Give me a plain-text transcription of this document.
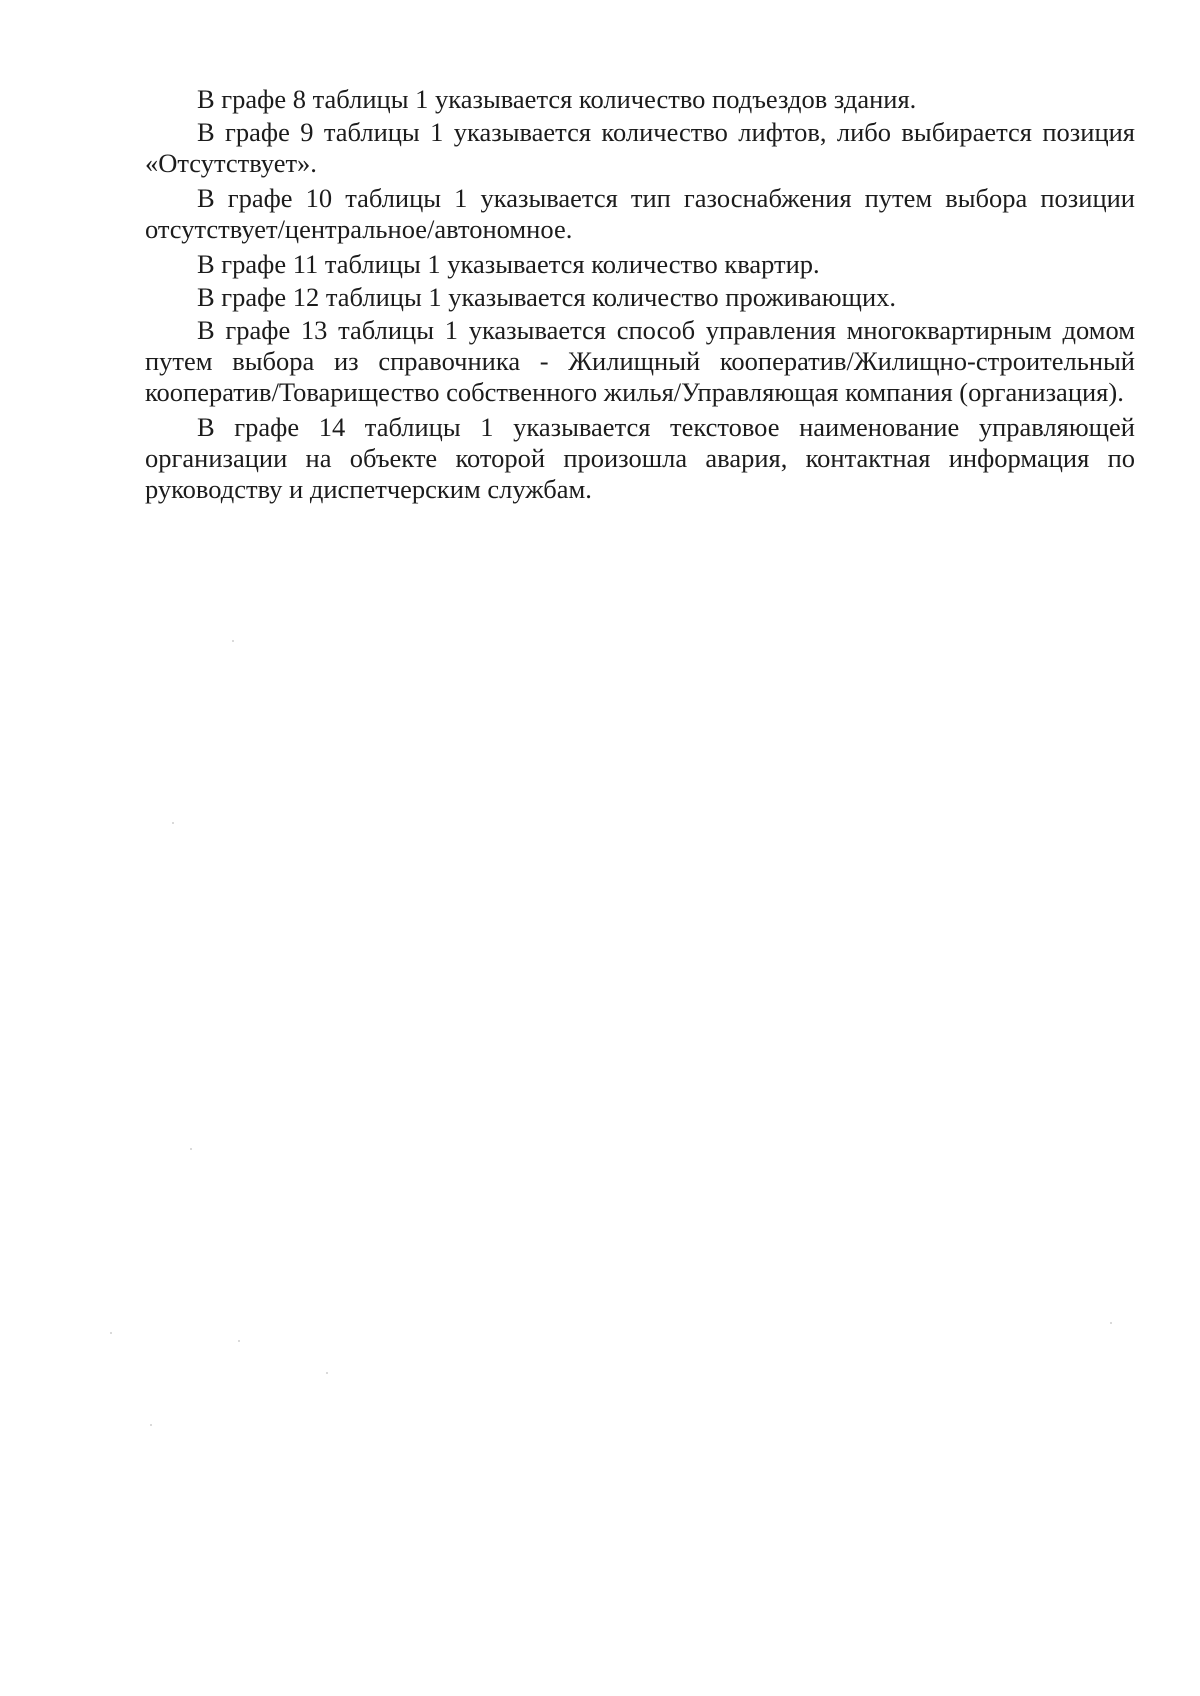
В графе 8 таблицы 1 указывается количество подъездов здания.

В графе 9 таблицы 1 указывается количество лифтов, либо выбирается позиция «Отсутствует».

В графе 10 таблицы 1 указывается тип газоснабжения путем выбора позиции отсутствует/центральное/автономное.

В графе 11 таблицы 1 указывается количество квартир.

В графе 12 таблицы 1 указывается количество проживающих.

В графе 13 таблицы 1 указывается способ управления многоквартирным домом путем выбора из справочника - Жилищный кооператив/Жилищно-строительный кооператив/Товарищество собственного жилья/Управляющая компания (организация).

В графе 14 таблицы 1 указывается текстовое наименование управляющей организации на объекте которой произошла авария, контактная информация по руководству и диспетчерским службам.
